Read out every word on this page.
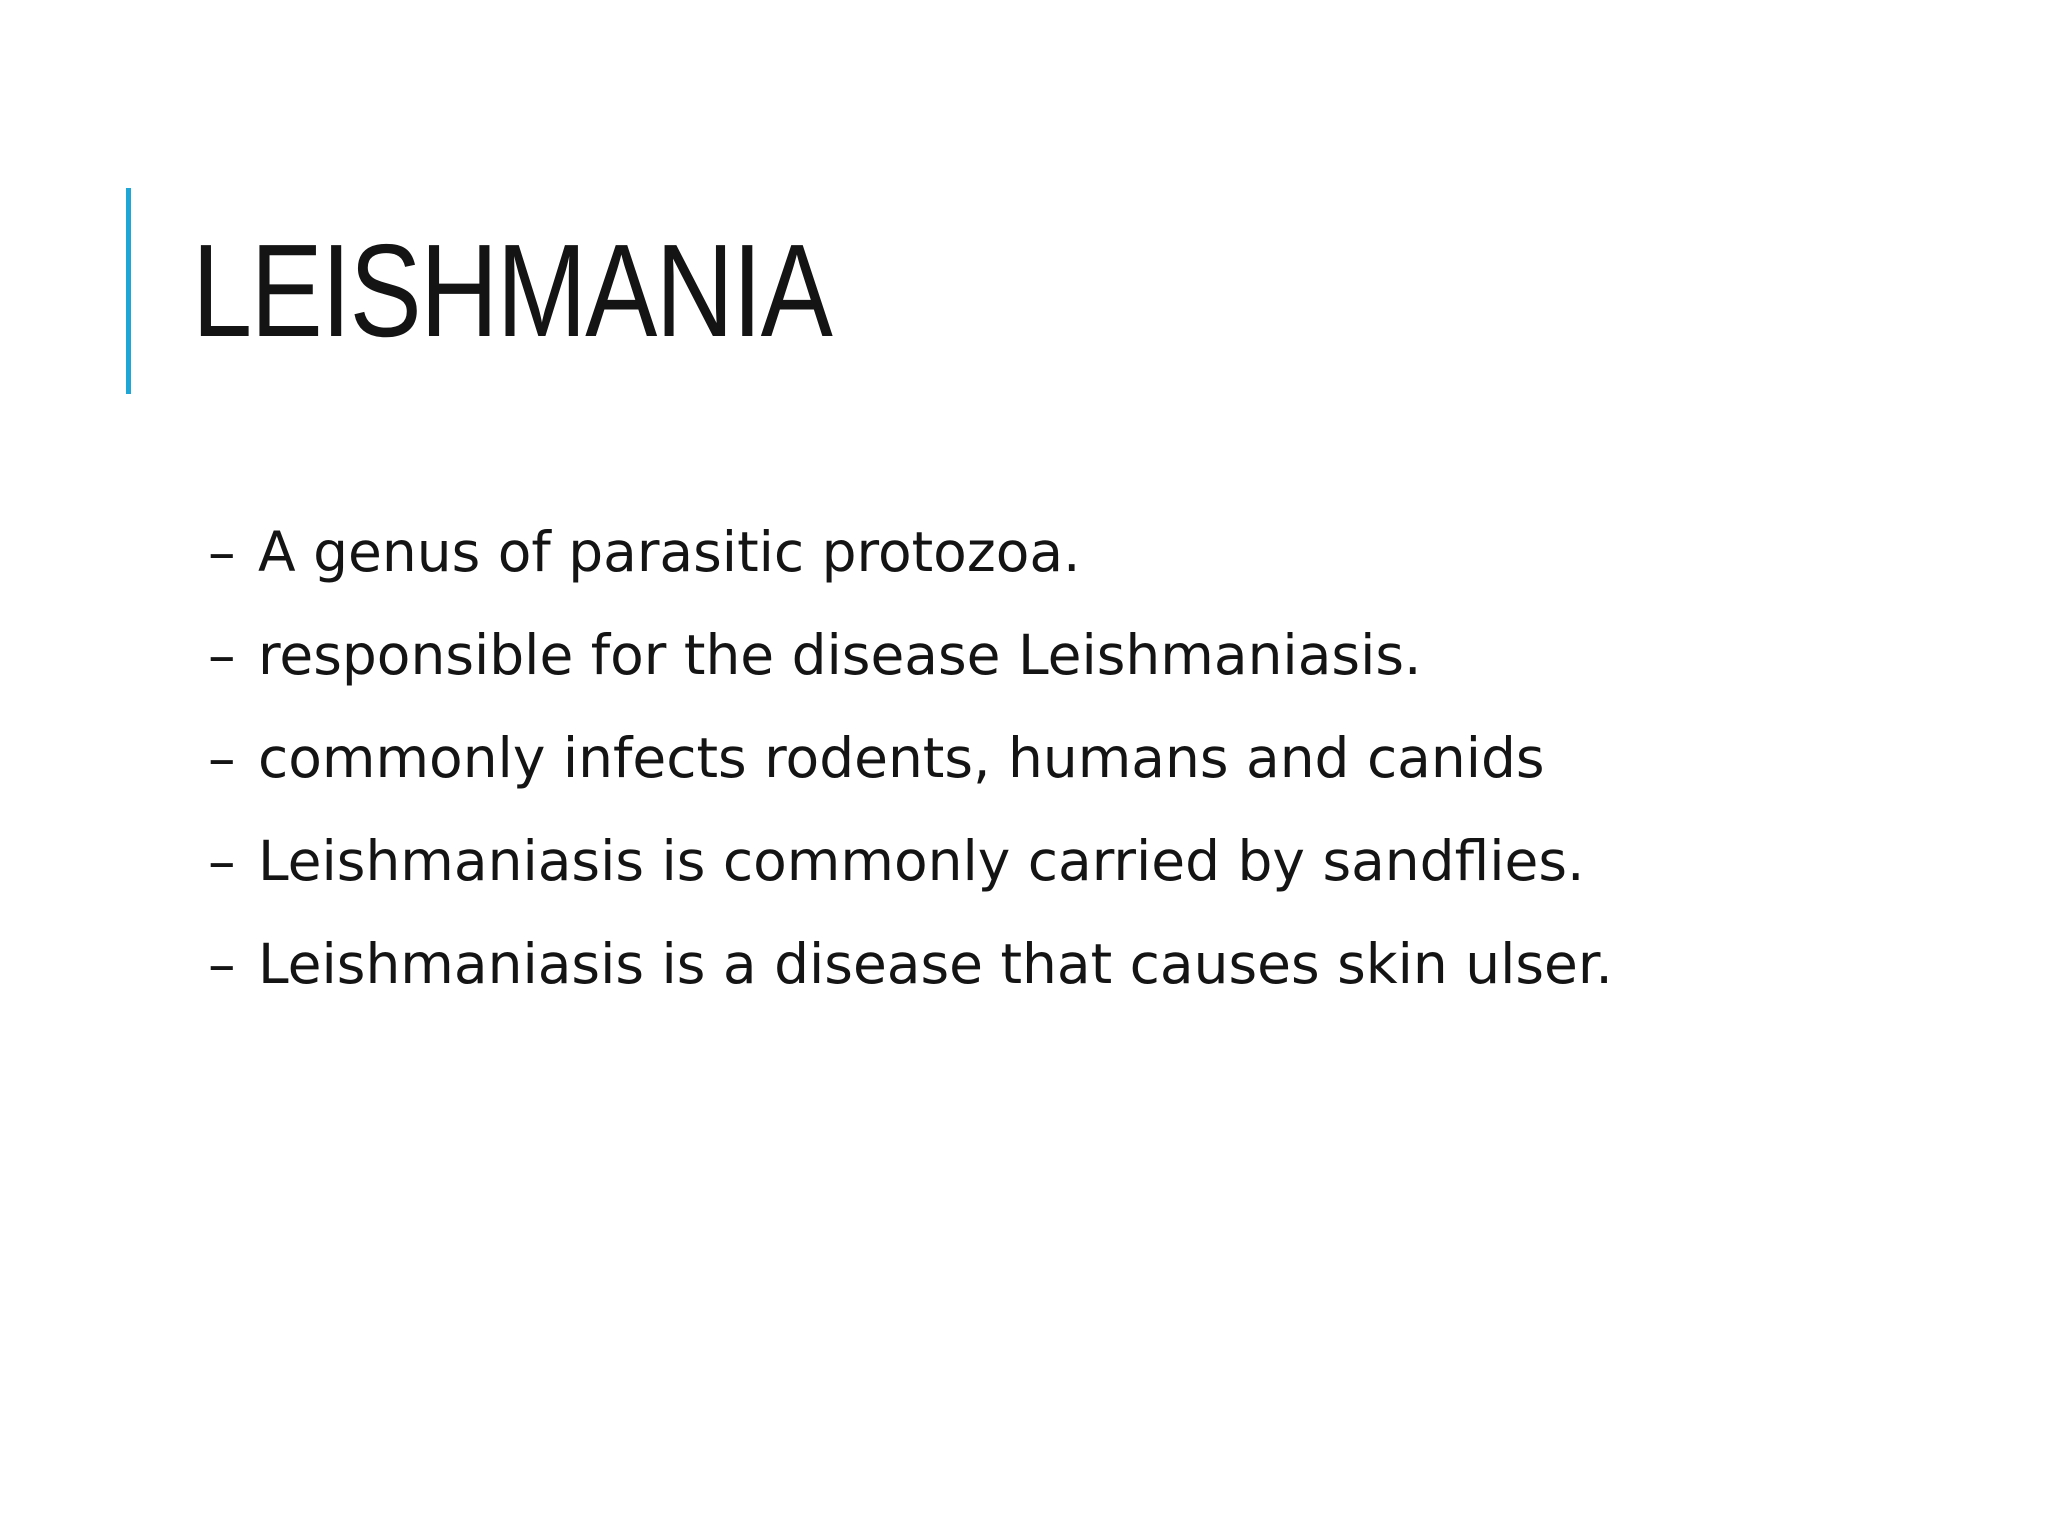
LEISHMANIA
– A genus of parasitic protozoa.
– responsible for the disease Leishmaniasis.
– commonly infects rodents, humans and canids
– Leishmaniasis is commonly carried by sandflies.
– Leishmaniasis is a disease that causes skin ulser.
